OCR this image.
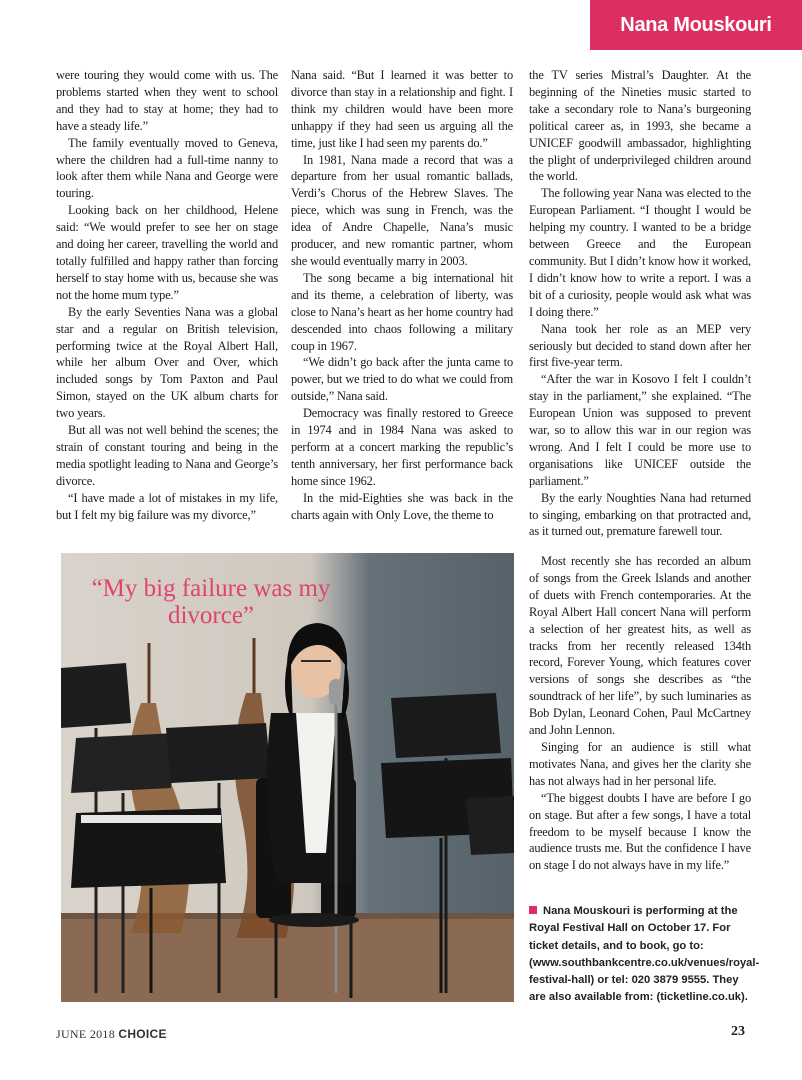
Nana Mouskouri

were touring they would come with us. The problems started when they went to school and they had to stay at home; they had to have a steady life.”

The family eventually moved to Geneva, where the children had a full-time nanny to look after them while Nana and George were touring.

Looking back on her childhood, Helene said: “We would prefer to see her on stage and doing her career, travelling the world and totally fulfilled and happy rather than forcing herself to stay home with us, because she was not the home mum type.”

By the early Seventies Nana was a global star and a regular on British television, performing twice at the Royal Albert Hall, while her album Over and Over, which included songs by Tom Paxton and Paul Simon, stayed on the UK album charts for two years.

But all was not well behind the scenes; the strain of constant touring and being in the media spotlight leading to Nana and George’s divorce.

“I have made a lot of mistakes in my life, but I felt my big failure was my divorce,”

Nana said. “But I learned it was better to divorce than stay in a relationship and fight. I think my children would have been more unhappy if they had seen us arguing all the time, just like I had seen my parents do.”

In 1981, Nana made a record that was a departure from her usual romantic ballads, Verdi’s Chorus of the Hebrew Slaves. The piece, which was sung in French, was the idea of Andre Chapelle, Nana’s music producer, and new romantic partner, whom she would eventually marry in 2003.

The song became a big international hit and its theme, a celebration of liberty, was close to Nana’s heart as her home country had descended into chaos following a military coup in 1967.

“We didn’t go back after the junta came to power, but we tried to do what we could from outside,” Nana said.

Democracy was finally restored to Greece in 1974 and in 1984 Nana was asked to perform at a concert marking the republic’s tenth anniversary, her first performance back home since 1962.

In the mid-Eighties she was back in the charts again with Only Love, the theme to

the TV series Mistral’s Daughter. At the beginning of the Nineties music started to take a secondary role to Nana’s burgeoning political career as, in 1993, she became a UNICEF goodwill ambassador, highlighting the plight of underprivileged children around the world.

The following year Nana was elected to the European Parliament. “I thought I would be helping my country. I wanted to be a bridge between Greece and the European community. But I didn’t know how it worked, I didn’t know how to write a report. I was a bit of a curiosity, people would ask what was I doing there.”

Nana took her role as an MEP very seriously but decided to stand down after her first five-year term.

“After the war in Kosovo I felt I couldn’t stay in the parliament,” she explained. “The European Union was supposed to prevent war, so to allow this war in our region was wrong. And I felt I could be more use to organisations like UNICEF outside the parliament.”

By the early Noughties Nana had returned to singing, embarking on that protracted and, as it turned out, premature farewell tour.

Most recently she has recorded an album of songs from the Greek Islands and another of duets with French contemporaries. At the Royal Albert Hall concert Nana will perform a selection of her greatest hits, as well as tracks from her recently released 134th record, Forever Young, which features cover versions of songs she describes as “the soundtrack of her life”, by such luminaries as Bob Dylan, Leonard Cohen, Paul McCartney and John Lennon.

Singing for an audience is still what motivates Nana, and gives her the clarity she has not always had in her personal life.

“The biggest doubts I have are before I go on stage. But after a few songs, I have a total freedom to be myself because I know the audience trusts me. But the confidence I have on stage I do not always have in my life.”

“My big failure was my divorce”
Nana Mouskouri is performing at the Royal Festival Hall on October 17. For ticket details, and to book, go to: (www.southbankcentre.co.uk/venues/royal-festival-hall) or tel: 020 3879 9555. They are also available from: (ticketline.co.uk).
JUNE 2018 CHOICE	23
